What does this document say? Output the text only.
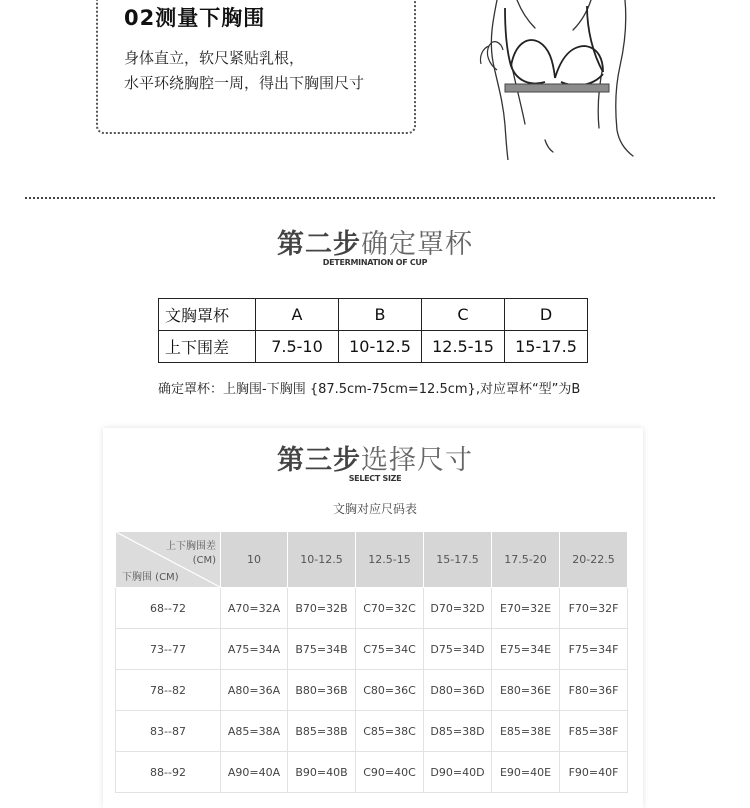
02测量下胸围
身体直立，软尺紧贴乳根，
水平环绕胸腔一周，得出下胸围尺寸
第二步确定罩杯
DETERMINATION OF CUP
文胸罩杯	A	B	C	D
上下围差	7.5-10	10-12.5	12.5-15	15-17.5
确定罩杯：上胸围-下胸围 {87.5cm-75cm=12.5cm},对应罩杯“型”为B
第三步选择尺寸
SELECT SIZE
文胸对应尺码表
上下胸围差
(CM)
下胸围 (CM)	10	10-12.5	12.5-15	15-17.5	17.5-20	20-22.5
68--72	A70=32A	B70=32B	C70=32C	D70=32D	E70=32E	F70=32F
73--77	A75=34A	B75=34B	C75=34C	D75=34D	E75=34E	F75=34F
78--82	A80=36A	B80=36B	C80=36C	D80=36D	E80=36E	F80=36F
83--87	A85=38A	B85=38B	C85=38C	D85=38D	E85=38E	F85=38F
88--92	A90=40A	B90=40B	C90=40C	D90=40D	E90=40E	F90=40F
